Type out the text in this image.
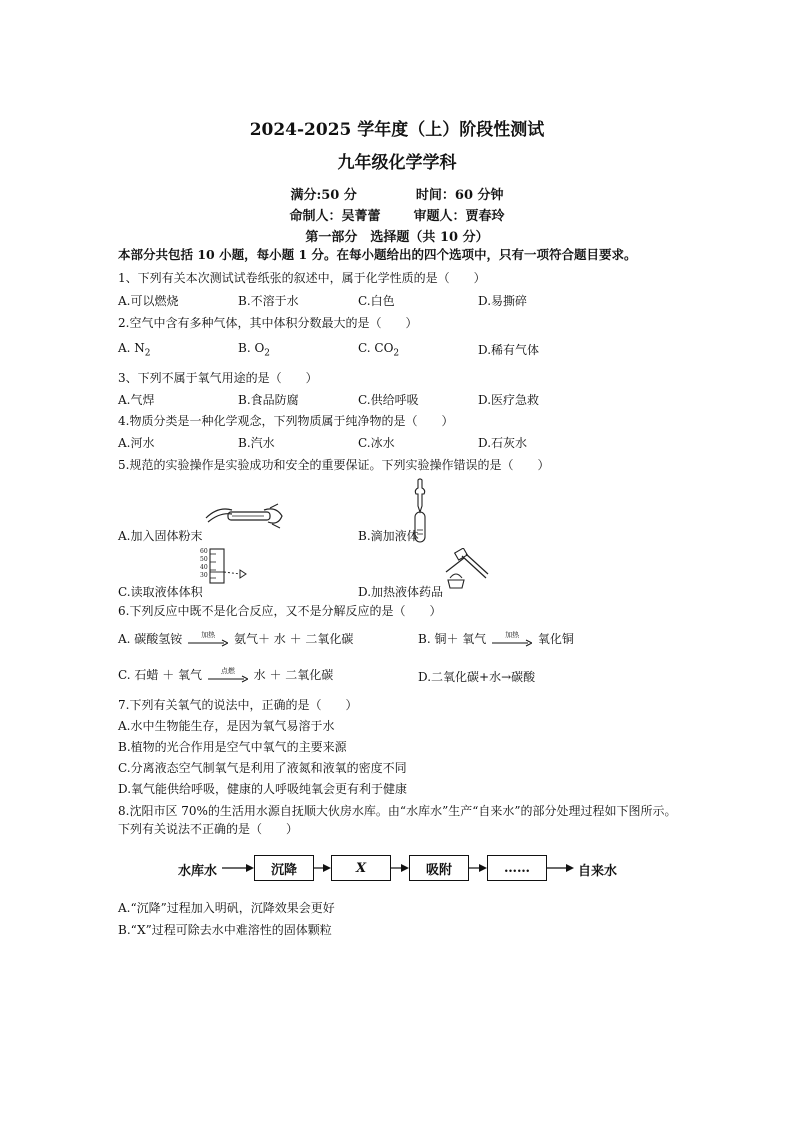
2024-2025 学年度（上）阶段性测试
九年级化学学科
满分:50 分	时间：60 分钟
命制人：吴菁蕾	审题人：贾春玲
第一部分　选择题（共 10 分）
本部分共包括 10 小题，每小题 1 分。在每小题给出的四个选项中，只有一项符合题目要求。
1、下列有关本次测试试卷纸张的叙述中，属于化学性质的是（　　）
A.可以燃烧	B.不溶于水	C.白色	D.易撕碎
2.空气中含有多种气体，其中体积分数最大的是（　　）
A. $N_2$	B. $O_2$	C. $CO_2$	D.稀有气体
3、下列不属于氧气用途的是（　　）
A.气焊	B.食品防腐	C.供给呼吸	D.医疗急救
4.物质分类是一种化学观念，下列物质属于纯净物的是（　　）
A.河水	B.汽水	C.冰水	D.石灰水
5.规范的实验操作是实验成功和安全的重要保证。下列实验操作错误的是（　　）
A.加入固体粉末	B.滴加液体
60
50
40
30
C.读取液体体积	D.加热液体药品
6.下列反应中既不是化合反应，又不是分解反应的是（　　）
A. 碳酸氢铵	加热 氨气＋ 水 ＋ 二氧化碳	B. 铜＋ 氧气	加热 氧化铜
C. 石蜡 ＋ 氧气	点燃 水 ＋ 二氧化碳	D.二氧化碳+水→碳酸
7.下列有关氧气的说法中，正确的是（　　）
A.水中生物能生存，是因为氧气易溶于水
B.植物的光合作用是空气中氧气的主要来源
C.分离液态空气制氧气是利用了液氮和液氧的密度不同
D.氧气能供给呼吸，健康的人呼吸纯氧会更有利于健康
8.沈阳市区 70%的生活用水源自抚顺大伙房水库。由“水库水”生产“自来水”的部分处理过程如下图所示。
下列有关说法不正确的是（　　）
水库水	沉降	X	吸附	……	自来水
A.“沉降”过程加入明矾，沉降效果会更好
B.“X”过程可除去水中难溶性的固体颗粒
